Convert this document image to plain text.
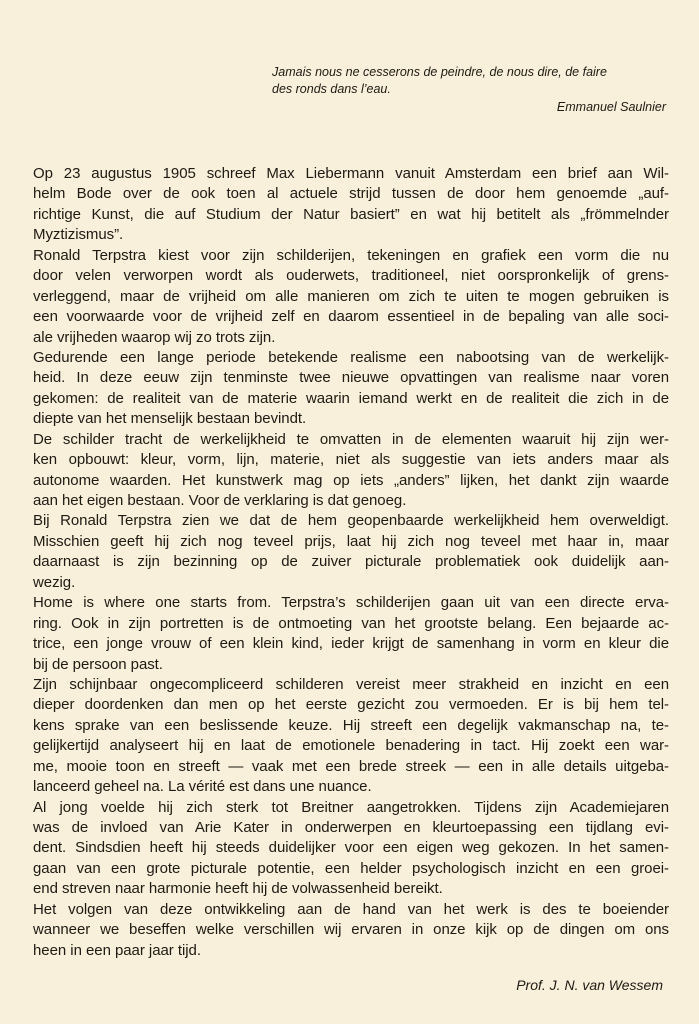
Jamais nous ne cesserons de peindre, de nous dire, de faire
des ronds dans l’eau.
Emmanuel Saulnier
Op 23 augustus 1905 schreef Max Liebermann vanuit Amsterdam een brief aan Wil-
helm Bode over de ook toen al actuele strijd tussen de door hem genoemde „auf-
richtige Kunst, die auf Studium der Natur basiert” en wat hij betitelt als „frömmelnder
Myztizismus”.
Ronald Terpstra kiest voor zijn schilderijen, tekeningen en grafiek een vorm die nu
door velen verworpen wordt als ouderwets, traditioneel, niet oorspronkelijk of grens-
verleggend, maar de vrijheid om alle manieren om zich te uiten te mogen gebruiken is
een voorwaarde voor de vrijheid zelf en daarom essentieel in de bepaling van alle soci-
ale vrijheden waarop wij zo trots zijn.
Gedurende een lange periode betekende realisme een nabootsing van de werkelijk-
heid. In deze eeuw zijn tenminste twee nieuwe opvattingen van realisme naar voren
gekomen: de realiteit van de materie waarin iemand werkt en de realiteit die zich in de
diepte van het menselijk bestaan bevindt.
De schilder tracht de werkelijkheid te omvatten in de elementen waaruit hij zijn wer-
ken opbouwt: kleur, vorm, lijn, materie, niet als suggestie van iets anders maar als
autonome waarden. Het kunstwerk mag op iets „anders” lijken, het dankt zijn waarde
aan het eigen bestaan. Voor de verklaring is dat genoeg.
Bij Ronald Terpstra zien we dat de hem geopenbaarde werkelijkheid hem overweldigt.
Misschien geeft hij zich nog teveel prijs, laat hij zich nog teveel met haar in, maar
daarnaast is zijn bezinning op de zuiver picturale problematiek ook duidelijk aan-
wezig.
Home is where one starts from. Terpstra’s schilderijen gaan uit van een directe erva-
ring. Ook in zijn portretten is de ontmoeting van het grootste belang. Een bejaarde ac-
trice, een jonge vrouw of een klein kind, ieder krijgt de samenhang in vorm en kleur die
bij de persoon past.
Zijn schijnbaar ongecompliceerd schilderen vereist meer strakheid en inzicht en een
dieper doordenken dan men op het eerste gezicht zou vermoeden. Er is bij hem tel-
kens sprake van een beslissende keuze. Hij streeft een degelijk vakmanschap na, te-
gelijkertijd analyseert hij en laat de emotionele benadering in tact. Hij zoekt een war-
me, mooie toon en streeft — vaak met een brede streek — een in alle details uitgeba-
lanceerd geheel na. La vérité est dans une nuance.
Al jong voelde hij zich sterk tot Breitner aangetrokken. Tijdens zijn Academiejaren
was de invloed van Arie Kater in onderwerpen en kleurtoepassing een tijdlang evi-
dent. Sindsdien heeft hij steeds duidelijker voor een eigen weg gekozen. In het samen-
gaan van een grote picturale potentie, een helder psychologisch inzicht en een groei-
end streven naar harmonie heeft hij de volwassenheid bereikt.
Het volgen van deze ontwikkeling aan de hand van het werk is des te boeiender
wanneer we beseffen welke verschillen wij ervaren in onze kijk op de dingen om ons
heen in een paar jaar tijd.
Prof. J. N. van Wessem
